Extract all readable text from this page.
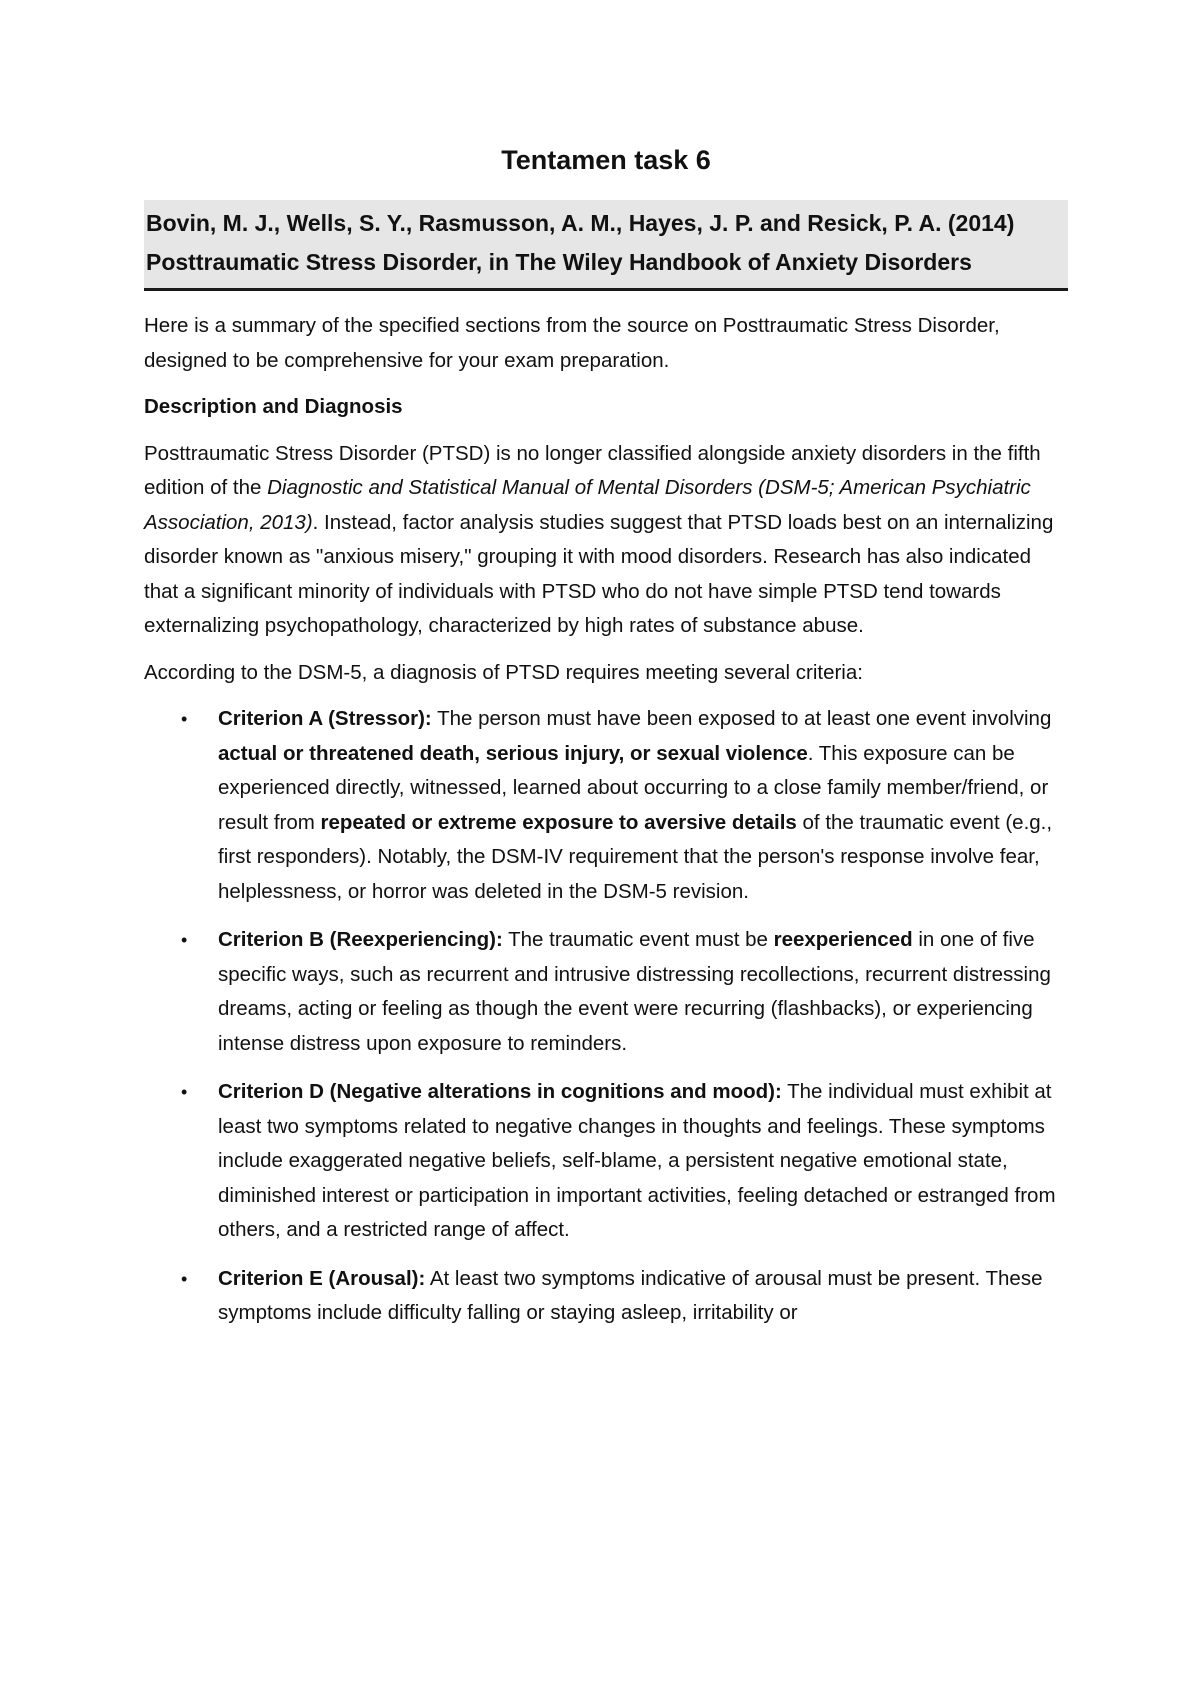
Tentamen task 6
Bovin, M. J., Wells, S. Y., Rasmusson, A. M., Hayes, J. P. and Resick, P. A. (2014) Posttraumatic Stress Disorder, in The Wiley Handbook of Anxiety Disorders

Here is a summary of the specified sections from the source on Posttraumatic Stress Disorder, designed to be comprehensive for your exam preparation.

Description and Diagnosis

Posttraumatic Stress Disorder (PTSD) is no longer classified alongside anxiety disorders in the fifth edition of the Diagnostic and Statistical Manual of Mental Disorders (DSM-5; American Psychiatric Association, 2013). Instead, factor analysis studies suggest that PTSD loads best on an internalizing disorder known as "anxious misery," grouping it with mood disorders. Research has also indicated that a significant minority of individuals with PTSD who do not have simple PTSD tend towards externalizing psychopathology, characterized by high rates of substance abuse.

According to the DSM-5, a diagnosis of PTSD requires meeting several criteria:

• Criterion A (Stressor): The person must have been exposed to at least one event involving actual or threatened death, serious injury, or sexual violence. This exposure can be experienced directly, witnessed, learned about occurring to a close family member/friend, or result from repeated or extreme exposure to aversive details of the traumatic event (e.g., first responders). Notably, the DSM-IV requirement that the person's response involve fear, helplessness, or horror was deleted in the DSM-5 revision.
• Criterion B (Reexperiencing): The traumatic event must be reexperienced in one of five specific ways, such as recurrent and intrusive distressing recollections, recurrent distressing dreams, acting or feeling as though the event were recurring (flashbacks), or experiencing intense distress upon exposure to reminders.
• Criterion D (Negative alterations in cognitions and mood): The individual must exhibit at least two symptoms related to negative changes in thoughts and feelings. These symptoms include exaggerated negative beliefs, self-blame, a persistent negative emotional state, diminished interest or participation in important activities, feeling detached or estranged from others, and a restricted range of affect.
• Criterion E (Arousal): At least two symptoms indicative of arousal must be present. These symptoms include difficulty falling or staying asleep, irritability or
